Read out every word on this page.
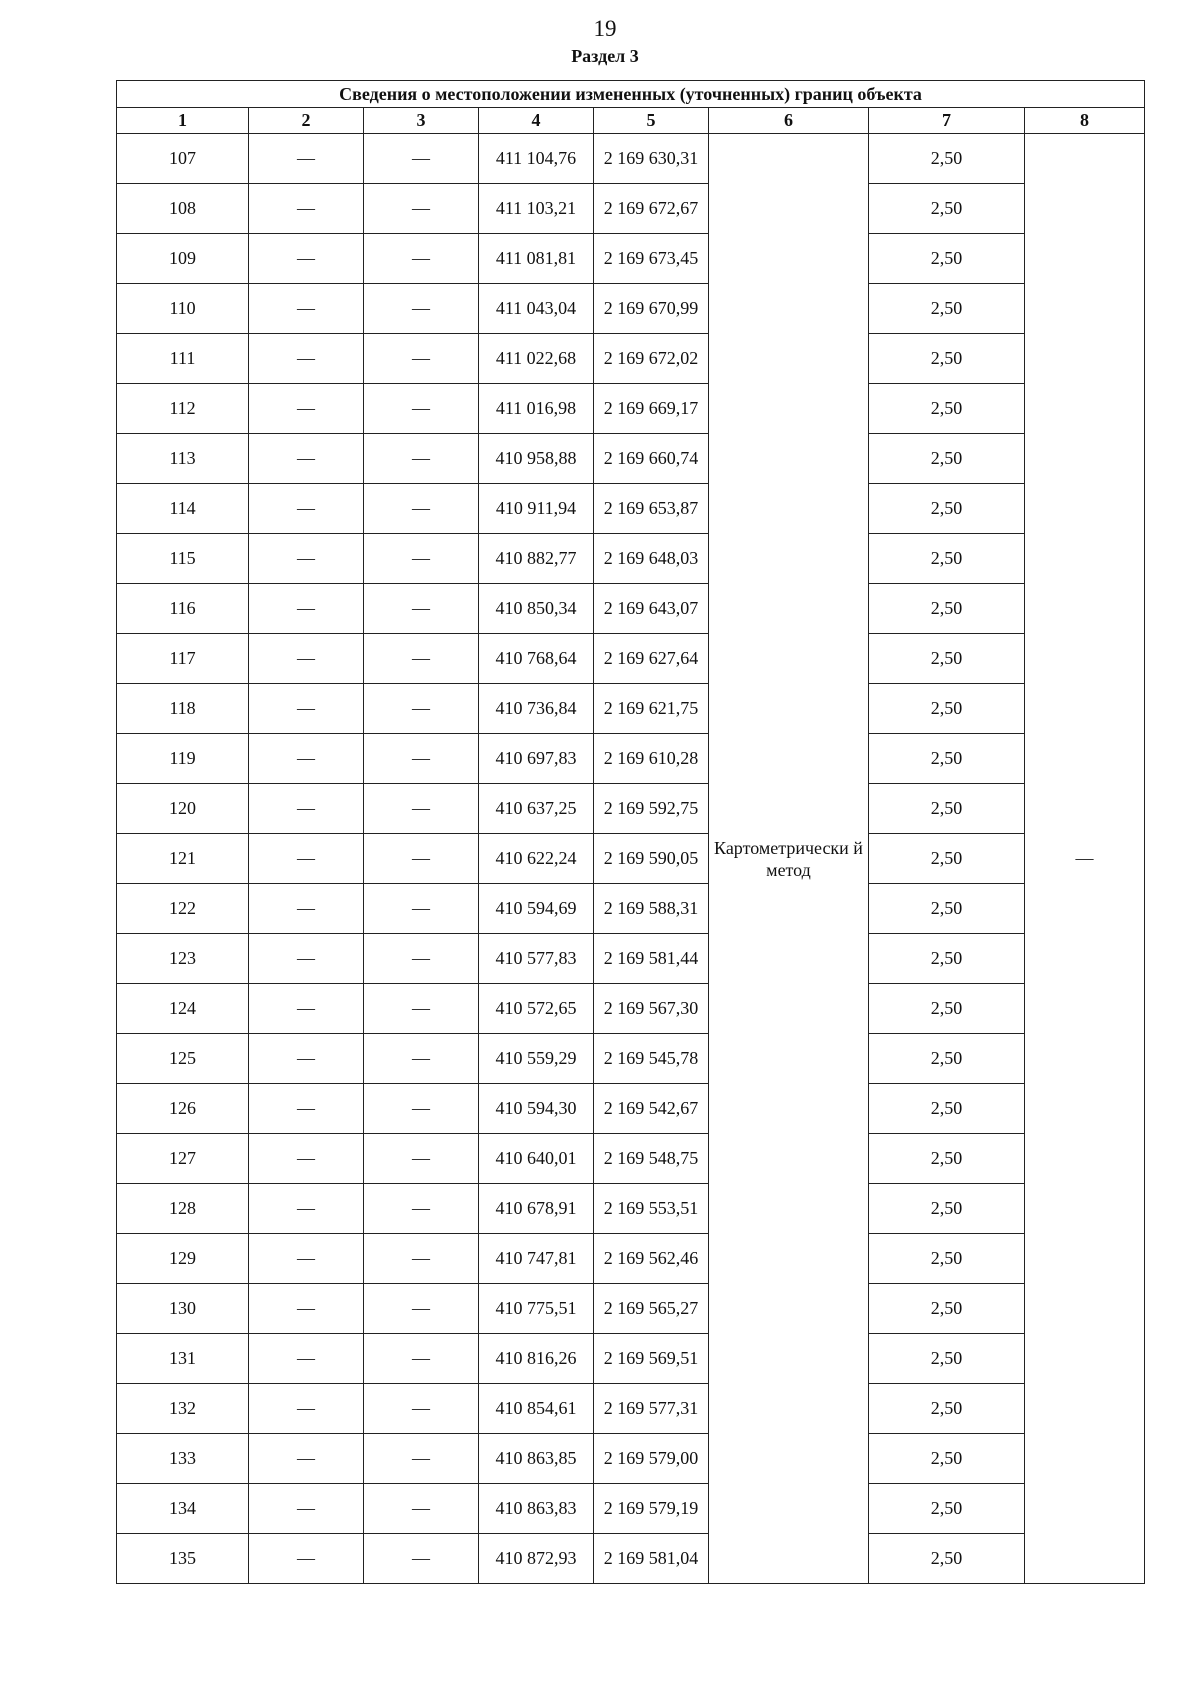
19
Раздел 3
Сведения о местоположении измененных (уточненных) границ объекта							
1	2	3	4	5	6	7	8
107	—	—	411 104,76	2 169 630,31	Картометрически й метод	2,50	—
108	—	—	411 103,21	2 169 672,67		2,50	
109	—	—	411 081,81	2 169 673,45		2,50	
110	—	—	411 043,04	2 169 670,99		2,50	
111	—	—	411 022,68	2 169 672,02		2,50	
112	—	—	411 016,98	2 169 669,17		2,50	
113	—	—	410 958,88	2 169 660,74		2,50	
114	—	—	410 911,94	2 169 653,87		2,50	
115	—	—	410 882,77	2 169 648,03		2,50	
116	—	—	410 850,34	2 169 643,07		2,50	
117	—	—	410 768,64	2 169 627,64		2,50	
118	—	—	410 736,84	2 169 621,75		2,50	
119	—	—	410 697,83	2 169 610,28		2,50	
120	—	—	410 637,25	2 169 592,75		2,50	
121	—	—	410 622,24	2 169 590,05		2,50	
122	—	—	410 594,69	2 169 588,31		2,50	
123	—	—	410 577,83	2 169 581,44		2,50	
124	—	—	410 572,65	2 169 567,30		2,50	
125	—	—	410 559,29	2 169 545,78		2,50	
126	—	—	410 594,30	2 169 542,67		2,50	
127	—	—	410 640,01	2 169 548,75		2,50	
128	—	—	410 678,91	2 169 553,51		2,50	
129	—	—	410 747,81	2 169 562,46		2,50	
130	—	—	410 775,51	2 169 565,27		2,50	
131	—	—	410 816,26	2 169 569,51		2,50	
132	—	—	410 854,61	2 169 577,31		2,50	
133	—	—	410 863,85	2 169 579,00		2,50	
134	—	—	410 863,83	2 169 579,19		2,50	
135	—	—	410 872,93	2 169 581,04		2,50	
